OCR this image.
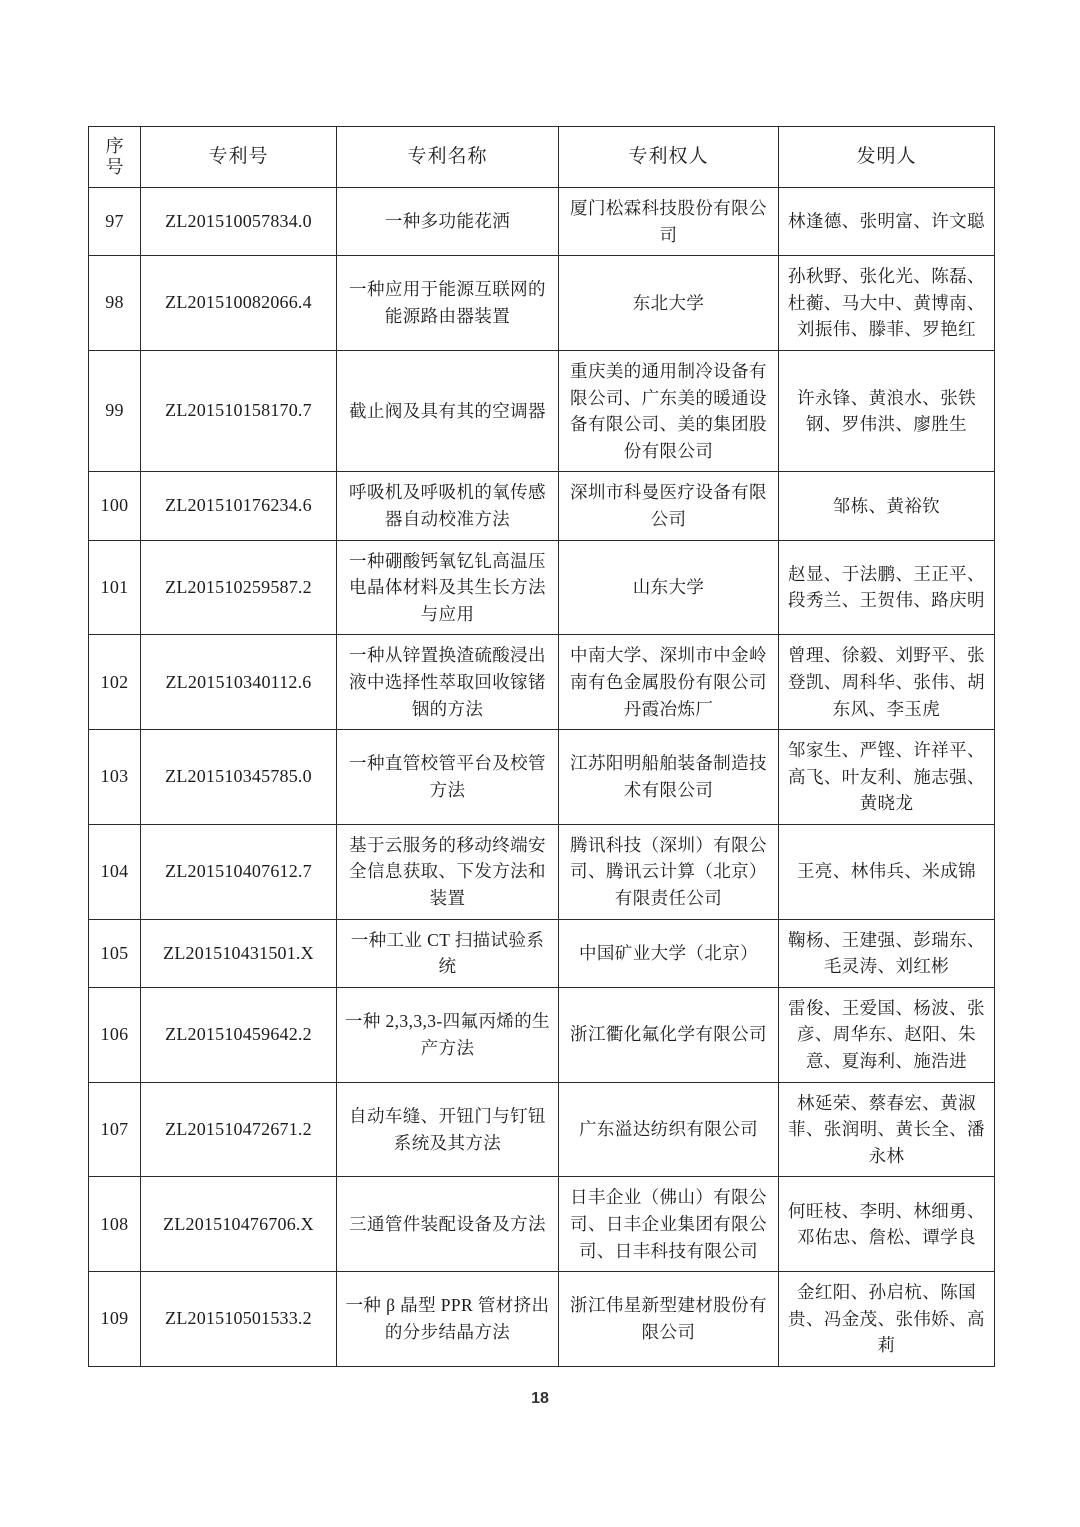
序
号	专利号	专利名称	专利权人	发明人
97	ZL201510057834.0	一种多功能花洒	厦门松霖科技股份有限公司	林逢德、张明富、许文聪
98	ZL201510082066.4	一种应用于能源互联网的能源路由器装置	东北大学	孙秋野、张化光、陈磊、杜蘅、马大中、黄博南、刘振伟、滕菲、罗艳红
99	ZL201510158170.7	截止阀及具有其的空调器	重庆美的通用制冷设备有限公司、广东美的暖通设备有限公司、美的集团股份有限公司	许永锋、黄浪水、张铁钢、罗伟洪、廖胜生
100	ZL201510176234.6	呼吸机及呼吸机的氧传感器自动校准方法	深圳市科曼医疗设备有限公司	邹栋、黄裕钦
101	ZL201510259587.2	一种硼酸钙氧钇钆高温压电晶体材料及其生长方法与应用	山东大学	赵显、于法鹏、王正平、段秀兰、王贺伟、路庆明
102	ZL201510340112.6	一种从锌置换渣硫酸浸出液中选择性萃取回收镓锗铟的方法	中南大学、深圳市中金岭南有色金属股份有限公司丹霞冶炼厂	曾理、徐毅、刘野平、张登凯、周科华、张伟、胡东风、李玉虎
103	ZL201510345785.0	一种直管校管平台及校管方法	江苏阳明船舶装备制造技术有限公司	邹家生、严铿、许祥平、高飞、叶友利、施志强、黄晓龙
104	ZL201510407612.7	基于云服务的移动终端安全信息获取、下发方法和装置	腾讯科技（深圳）有限公司、腾讯云计算（北京）有限责任公司	王亮、林伟兵、米成锦
105	ZL201510431501.X	一种工业 CT 扫描试验系统	中国矿业大学（北京）	鞠杨、王建强、彭瑞东、毛灵涛、刘红彬
106	ZL201510459642.2	一种 2,3,3,3-四氟丙烯的生产方法	浙江衢化氟化学有限公司	雷俊、王爱国、杨波、张彦、周华东、赵阳、朱意、夏海利、施浩进
107	ZL201510472671.2	自动车缝、开钮门与钉钮系统及其方法	广东溢达纺织有限公司	林延荣、蔡春宏、黄淑菲、张润明、黄长全、潘永林
108	ZL201510476706.X	三通管件装配设备及方法	日丰企业（佛山）有限公司、日丰企业集团有限公司、日丰科技有限公司	何旺枝、李明、林细勇、邓佑忠、詹松、谭学良
109	ZL201510501533.2	一种 β 晶型 PPR 管材挤出的分步结晶方法	浙江伟星新型建材股份有限公司	金红阳、孙启杭、陈国贵、冯金茂、张伟娇、高莉
18
